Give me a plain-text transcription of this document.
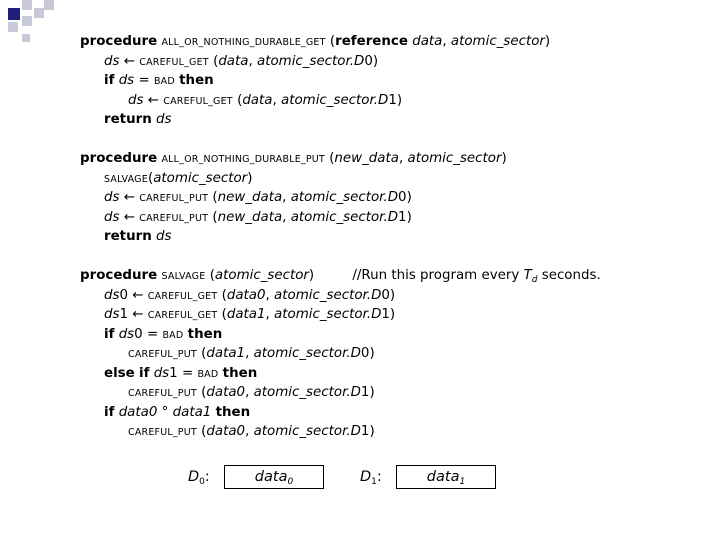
procedure ALL_OR_NOTHING_DURABLE_GET (reference data, atomic_sector)
ds ← CAREFUL_GET (data, atomic_sector.D0)
if ds = BAD then
ds ← CAREFUL_GET (data, atomic_sector.D1)
return ds
procedure ALL_OR_NOTHING_DURABLE_PUT (new_data, atomic_sector)
SALVAGE(atomic_sector)
ds ← CAREFUL_PUT (new_data, atomic_sector.D0)
ds ← CAREFUL_PUT (new_data, atomic_sector.D1)
return ds
procedure SALVAGE (atomic_sector)	//Run this program every $T_d$ seconds.
ds0 ← CAREFUL_GET (data0, atomic_sector.D0)
ds1 ← CAREFUL_GET (data1, atomic_sector.D1)
if ds0 = BAD then
CAREFUL_PUT (data1, atomic_sector.D0)
else if ds1 = BAD then
CAREFUL_PUT (data0, atomic_sector.D1)
if data0 ° data1 then
CAREFUL_PUT (data0, atomic_sector.D1)
$D_0$:	data$_0$	$D_1$:	data$_1$
